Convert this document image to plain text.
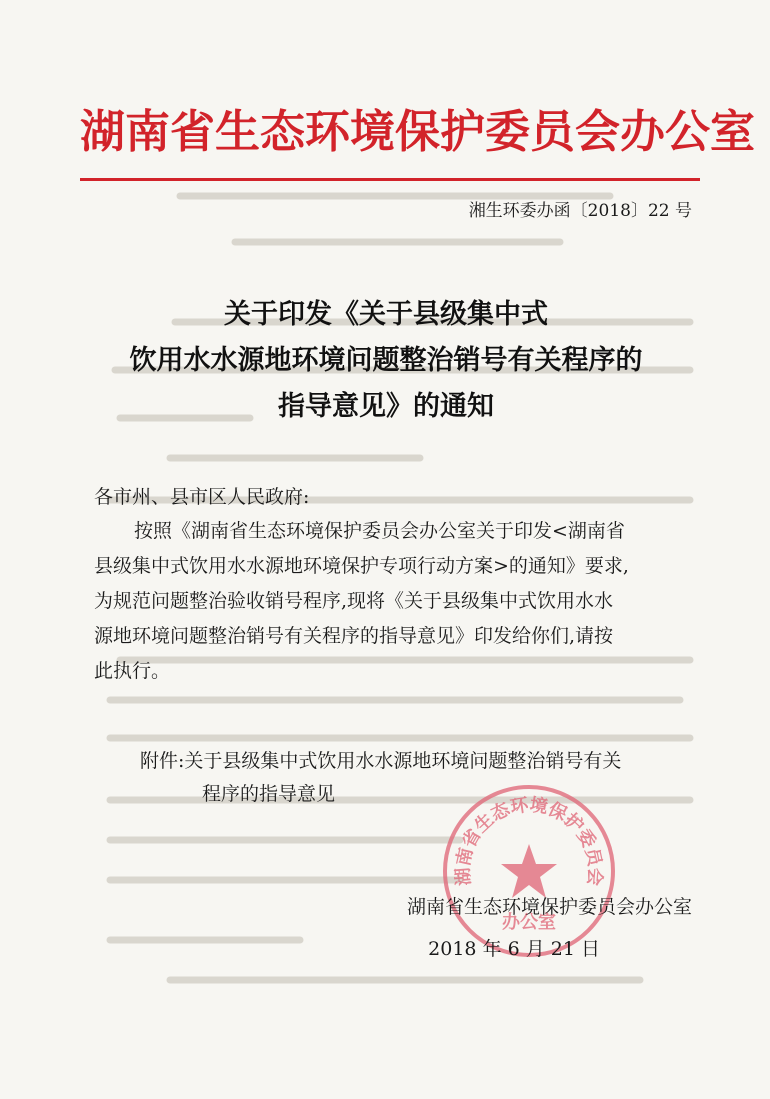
湖南省生态环境保护委员会办公室
湘生环委办函〔2018〕22 号
关于印发《关于县级集中式
饮用水水源地环境问题整治销号有关程序的
指导意见》的通知
各市州、县市区人民政府:
按照《湖南省生态环境保护委员会办公室关于印发<湖南省
县级集中式饮用水水源地环境保护专项行动方案>的通知》要求,
为规范问题整治验收销号程序,现将《关于县级集中式饮用水水
源地环境问题整治销号有关程序的指导意见》印发给你们,请按
此执行。
附件:关于县级集中式饮用水水源地环境问题整治销号有关
程序的指导意见
湖南省生态环境保护委员会
办公室
湖南省生态环境保护委员会办公室
2018 年 6 月 21 日
